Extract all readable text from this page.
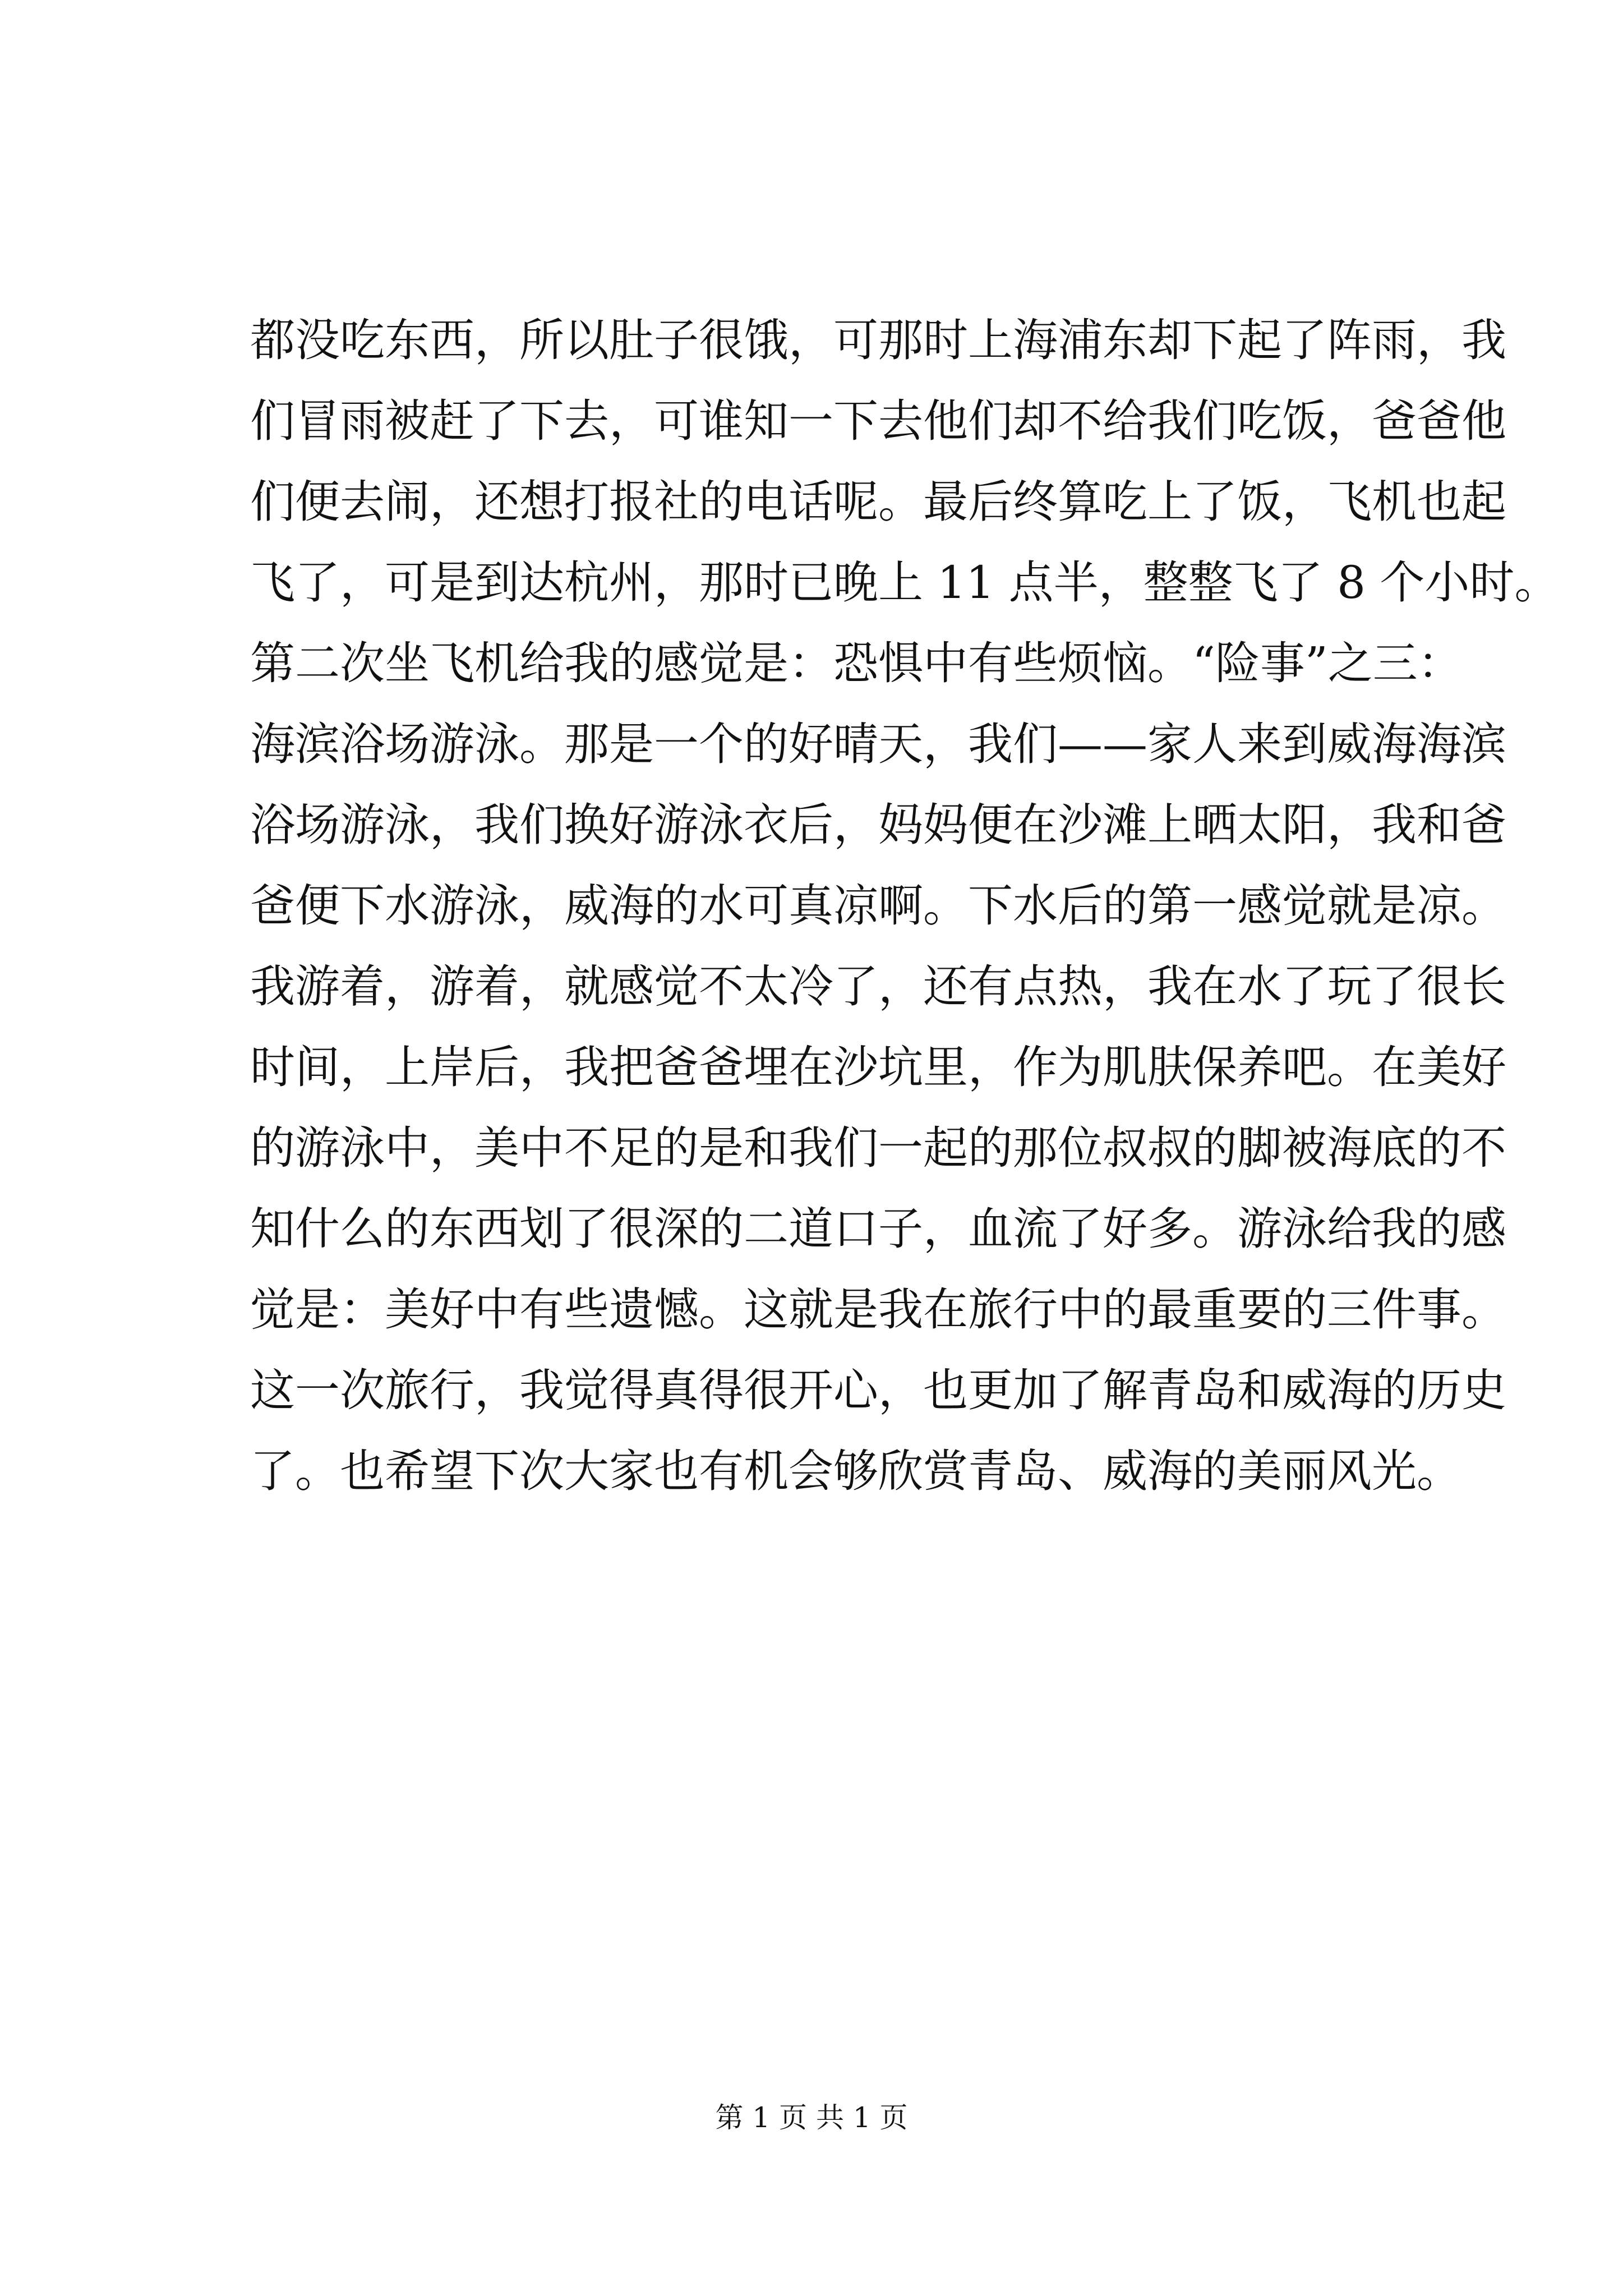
都没吃东西，所以肚子很饿，可那时上海浦东却下起了阵雨，我
们冒雨被赶了下去，可谁知一下去他们却不给我们吃饭，爸爸他
们便去闹，还想打报社的电话呢。最后终算吃上了饭，飞机也起
飞了，可是到达杭州，那时已晚上 11 点半，整整飞了 8 个小时。
第二次坐飞机给我的感觉是：恐惧中有些烦恼。“险事”之三：
海滨浴场游泳。那是一个的好晴天，我们——家人来到威海海滨
浴场游泳，我们换好游泳衣后，妈妈便在沙滩上晒太阳，我和爸
爸便下水游泳，威海的水可真凉啊。下水后的第一感觉就是凉。
我游着，游着，就感觉不太冷了，还有点热，我在水了玩了很长
时间，上岸后，我把爸爸埋在沙坑里，作为肌肤保养吧。在美好
的游泳中，美中不足的是和我们一起的那位叔叔的脚被海底的不
知什么的东西划了很深的二道口子，血流了好多。游泳给我的感
觉是：美好中有些遗憾。这就是我在旅行中的最重要的三件事。
这一次旅行，我觉得真得很开心，也更加了解青岛和威海的历史
了。也希望下次大家也有机会够欣赏青岛、威海的美丽风光。
第 1 页 共 1 页
